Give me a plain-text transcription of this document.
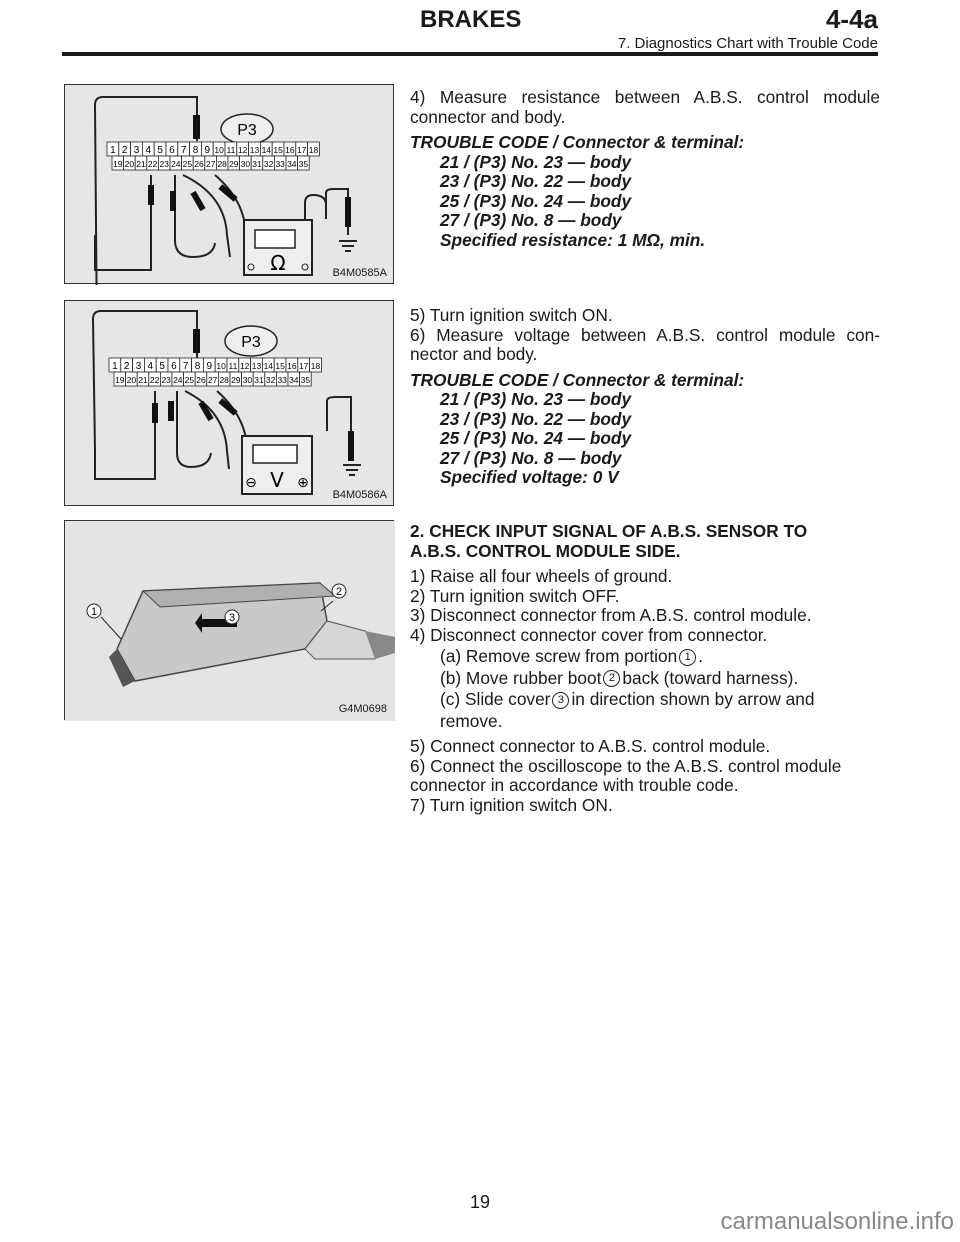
BRAKES	4-4a
7. Diagnostics Chart with Trouble Code
P3
1 2 3 4 5 6 7 8 9 10 11 12 13 14 15 16 17 18
19 20 21 22 23 24 25 26 27 28 29 30 31 32 33 34 35
Ω	B4M0585A
P3
1 2 3 4 5 6 7 8 9 10 11 12 13 14 15 16 17 18
19 20 21 22 23 24 25 26 27 28 29 30 31 32 33 34 35
⊖	⊕
V
B4M0586A
1
2
3
G4M0698

4) Measure resistance between A.B.S. control module connector and body.

TROUBLE CODE / Connector & terminal:

21 / (P3) No. 23 — body

23 / (P3) No. 22 — body

25 / (P3) No. 24 — body

27 / (P3) No. 8 — body

Specified resistance: 1 MΩ, min.

5) Turn ignition switch ON.

6) Measure voltage between A.B.S. control module con-nector and body.

TROUBLE CODE / Connector & terminal:

21 / (P3) No. 23 — body

23 / (P3) No. 22 — body

25 / (P3) No. 24 — body

27 / (P3) No. 8 — body

Specified voltage: 0 V

2. CHECK INPUT SIGNAL OF A.B.S. SENSOR TO

A.B.S. CONTROL MODULE SIDE.

1) Raise all four wheels of ground.

2) Turn ignition switch OFF.

3) Disconnect connector from A.B.S. control module.

4) Disconnect connector cover from connector.

(a) Remove screw from portion 1 .

(b) Move rubber boot 2 back (toward harness).

(c) Slide cover 3 in direction shown by arrow and

remove.

5) Connect connector to A.B.S. control module.

6) Connect the oscilloscope to the A.B.S. control module

connector in accordance with trouble code.

7) Turn ignition switch ON.

19
carmanualsonline.info
